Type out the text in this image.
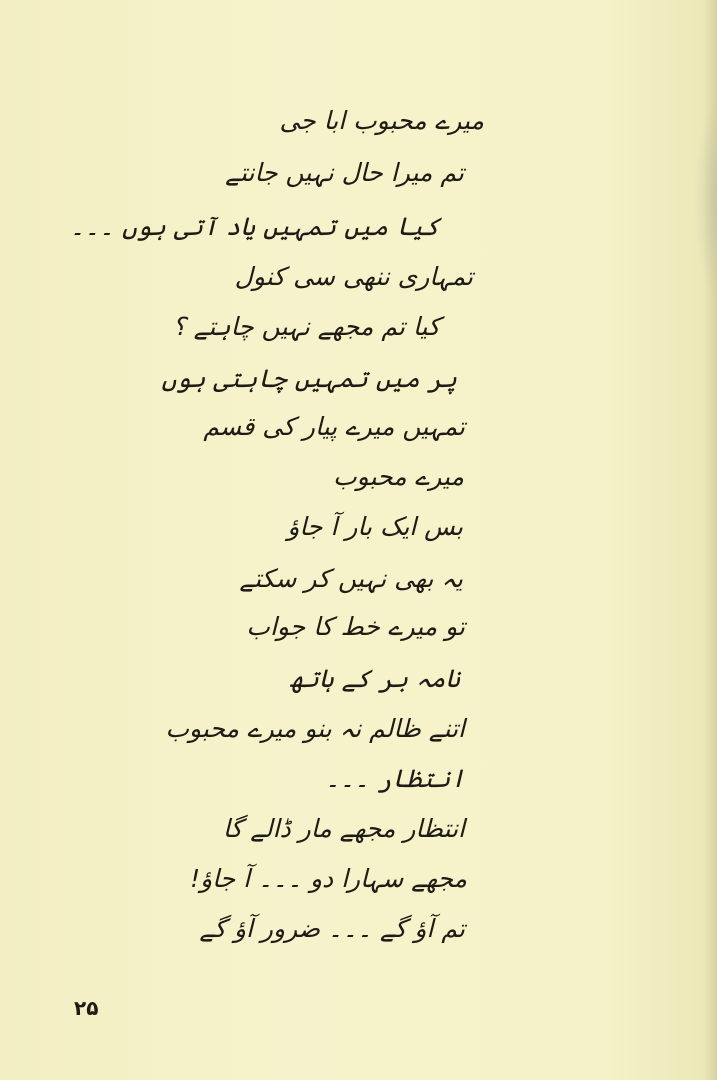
میرے محبوب ابا جی
تم میرا حال نہیں جانتے
کیا میں تمہیں یاد آتی ہوں ۔۔۔
تمہاری ننھی سی کنول
کیا تم مجھے نہیں چاہتے ؟
پر میں تمہیں چاہتی ہوں
تمہیں میرے پیار کی قسم
میرے محبوب
بس ایک بار آ جاؤ
یہ بھی نہیں کر سکتے
تو میرے خط کا جواب
نامہ بر کے ہاتھ
اتنے ظالم نہ بنو میرے محبوب
انتظار ۔۔۔
انتظار مجھے مار ڈالے گا
مجھے سہارا دو ۔۔۔ آ جاؤ!
تم آؤ گے ۔۔۔ ضرور آؤ گے
۲۵
